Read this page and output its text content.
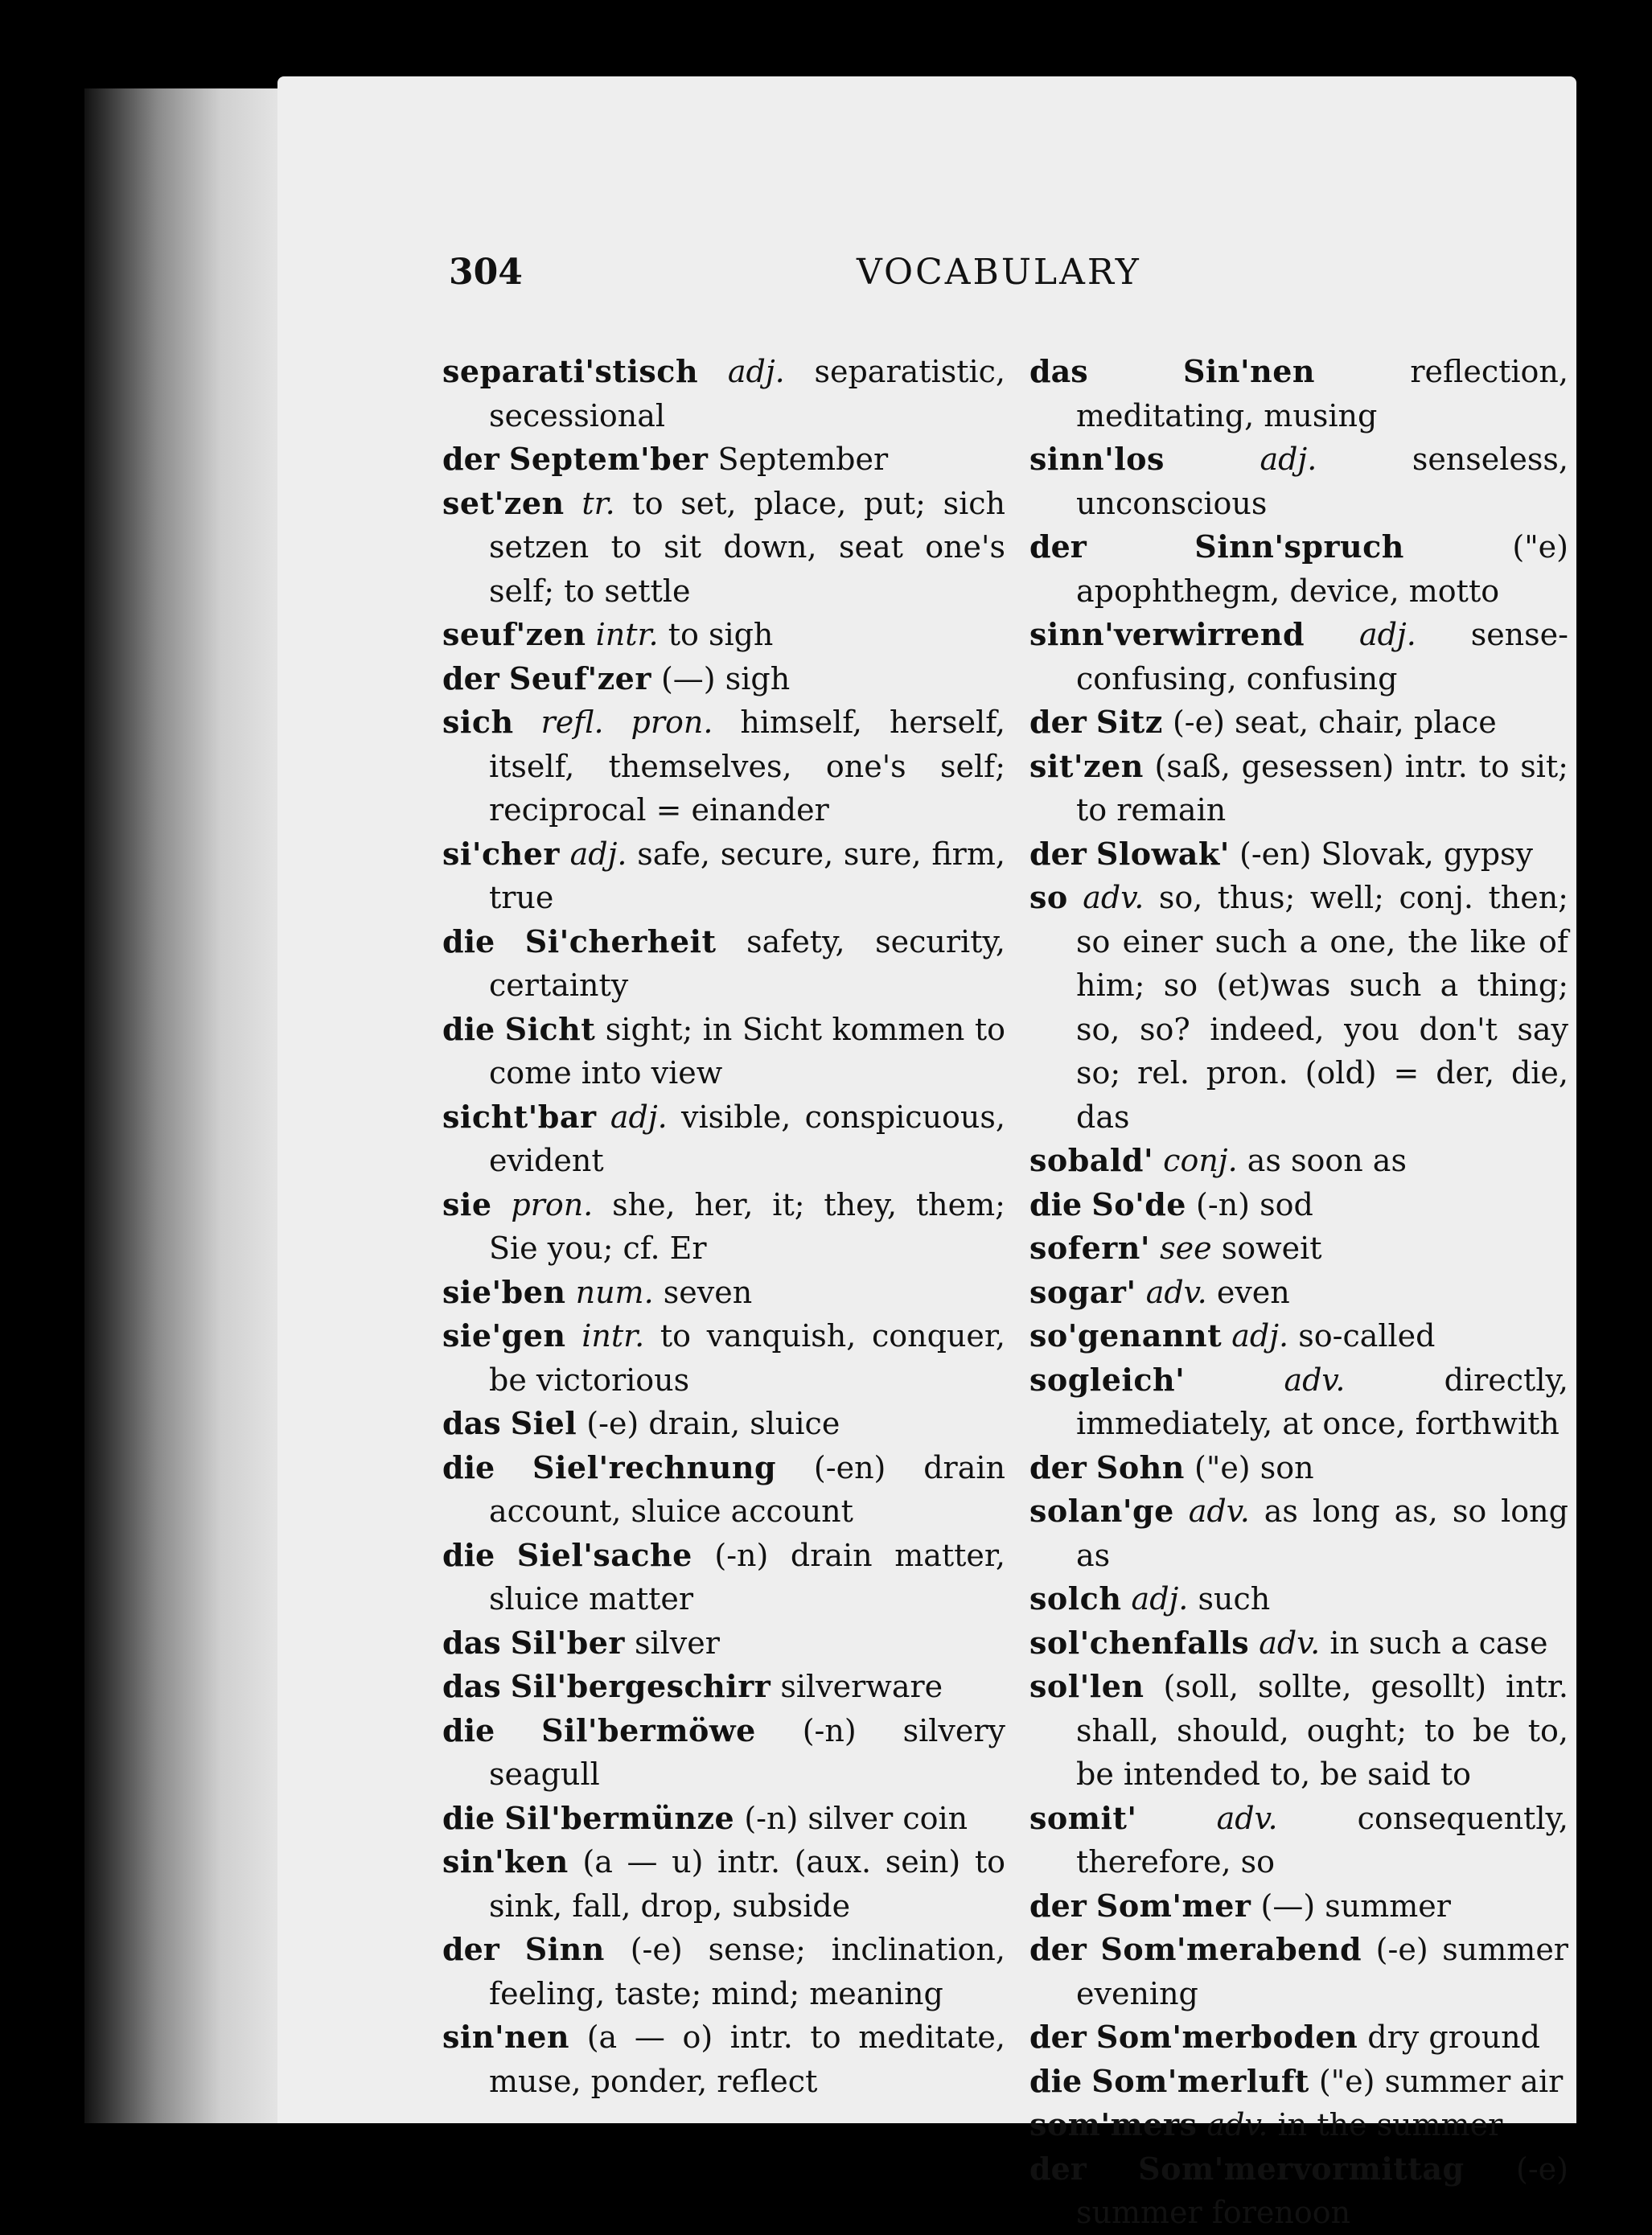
304	VOCABULARY

separati'stisch adj. separatistic, secessional

der Septem'ber September

set'zen tr. to set, place, put; sich setzen to sit down, seat one's self; to settle

seuf'zen intr. to sigh

der Seuf'zer (—) sigh

sich refl. pron. himself, herself, itself, themselves, one's self; reciprocal = einander

si'cher adj. safe, secure, sure, firm, true

die Si'cherheit safety, security, certainty

die Sicht sight; in Sicht kommen to come into view

sicht'bar adj. visible, conspicuous, evident

sie pron. she, her, it; they, them; Sie you; cf. Er

sie'ben num. seven

sie'gen intr. to vanquish, conquer, be victorious

das Siel (-e) drain, sluice

die Siel'rechnung (-en) drain account, sluice account

die Siel'sache (-n) drain matter, sluice matter

das Sil'ber silver

das Sil'bergeschirr silverware

die Sil'bermöwe (-n) silvery seagull

die Sil'bermünze (-n) silver coin

sin'ken (a — u) intr. (aux. sein) to sink, fall, drop, subside

der Sinn (-e) sense; inclination, feeling, taste; mind; meaning

sin'nen (a — o) intr. to meditate, muse, ponder, reflect

das	Sin'nen	reflection, meditating, musing

sinn'los	adj.	senseless, unconscious

der	Sinn'spruch	("e) apophthegm, device, motto

sinn'verwirrend adj. sense-confusing, confusing

der Sitz (-e) seat, chair, place

sit'zen (saß, gesessen) intr. to sit; to remain

der Slowak' (-en) Slovak, gypsy

so adv. so, thus; well; conj. then; so einer such a one, the like of him; so (et)was such a thing; so, so? indeed, you don't say so; rel. pron. (old) = der, die, das

sobald' conj. as soon as

die So'de (-n) sod

sofern' see soweit

sogar' adv. even

so'genannt adj. so-called

sogleich'	adv.	directly, immediately, at once, forthwith

der Sohn ("e) son

solan'ge adv. as long as, so long as

solch adj. such

sol'chenfalls adv. in such a case

sol'len (soll, sollte, gesollt) intr. shall, should, ought; to be to, be intended to, be said to

somit'	adv.	consequently, therefore, so

der Som'mer (—) summer

der Som'merabend (-e) summer evening

der Som'merboden dry ground

die Som'merluft ("e) summer air

som'mers adv. in the summer

der Som'mervormittag (-e) summer forenoon
